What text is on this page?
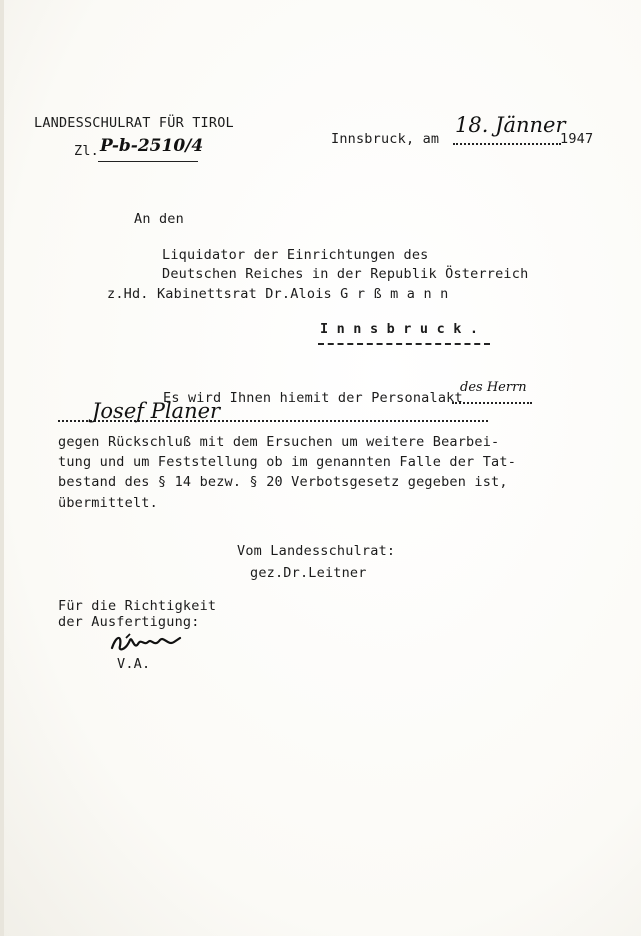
LANDESSCHULRAT FÜR TIROL
Zl. P-b-2510/4	Innsbruck, am
18. Jänner
1947
An den
Liquidator der Einrichtungen des
Deutschen Reiches in der Republik Österreich
z.Hd. Kabinettsrat Dr.Alois G r ß m a n n
I n n s b r u c k .
Es wird Ihnen hiemit der Personalakt
des Herrn
Josef Planer
gegen Rückschluß mit dem Ersuchen um weitere Bearbei-
tung und um Feststellung ob im genannten Falle der Tat-
bestand des § 14 bezw. § 20 Verbotsgesetz gegeben ist,
übermittelt.
Vom Landesschulrat:
gez.Dr.Leitner
Für die Richtigkeit
der Ausfertigung:
V.A.
